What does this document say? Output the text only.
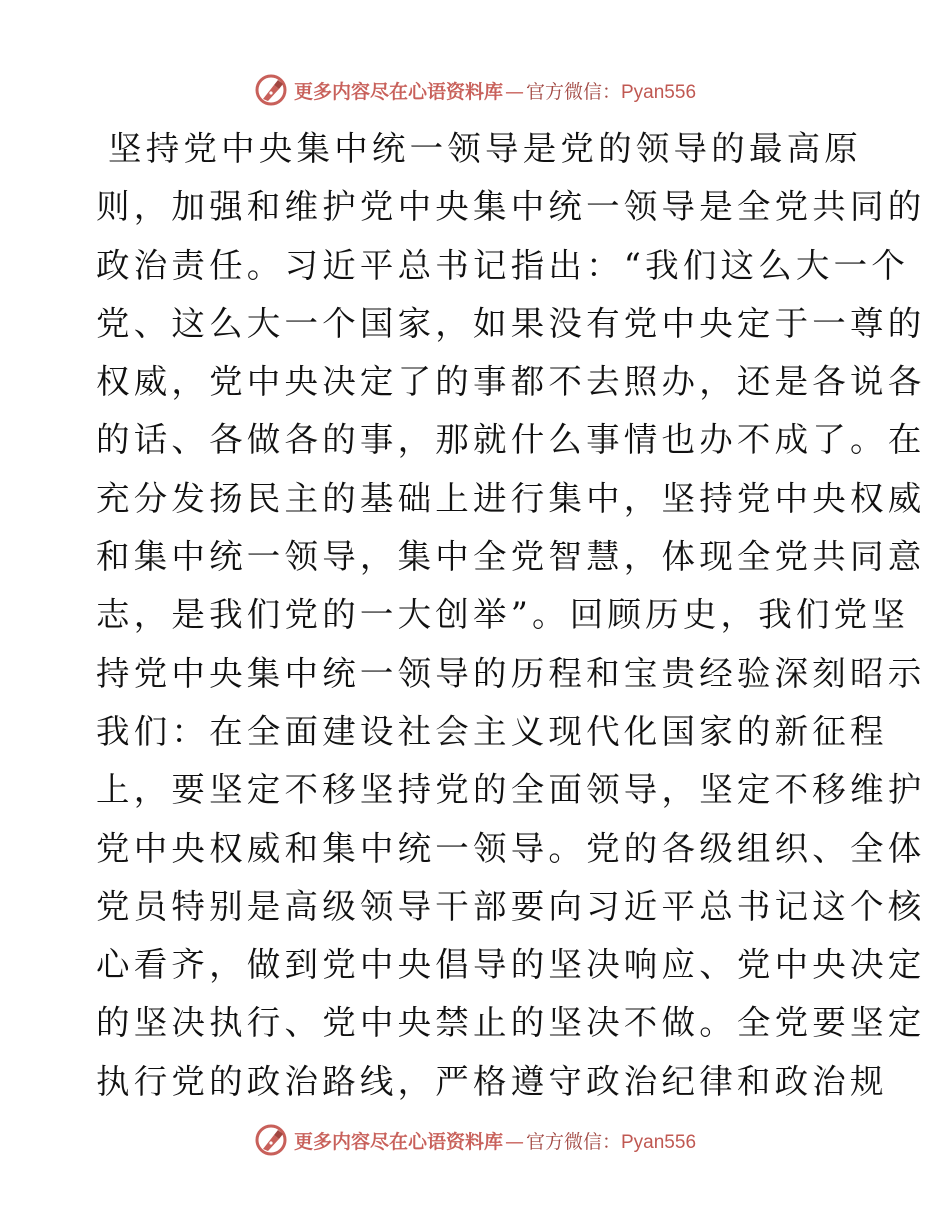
更多内容尽在心语资料库 — 官方微信：Pyan556
坚持党中央集中统一领导是党的领导的最高原
则，加强和维护党中央集中统一领导是全党共同的
政治责任。习近平总书记指出：“我们这么大一个
党、这么大一个国家，如果没有党中央定于一尊的
权威，党中央决定了的事都不去照办，还是各说各
的话、各做各的事，那就什么事情也办不成了。在
充分发扬民主的基础上进行集中，坚持党中央权威
和集中统一领导，集中全党智慧，体现全党共同意
志，是我们党的一大创举”。回顾历史，我们党坚
持党中央集中统一领导的历程和宝贵经验深刻昭示
我们：在全面建设社会主义现代化国家的新征程
上，要坚定不移坚持党的全面领导，坚定不移维护
党中央权威和集中统一领导。党的各级组织、全体
党员特别是高级领导干部要向习近平总书记这个核
心看齐，做到党中央倡导的坚决响应、党中央决定
的坚决执行、党中央禁止的坚决不做。全党要坚定
执行党的政治路线，严格遵守政治纪律和政治规
更多内容尽在心语资料库 — 官方微信：Pyan556
